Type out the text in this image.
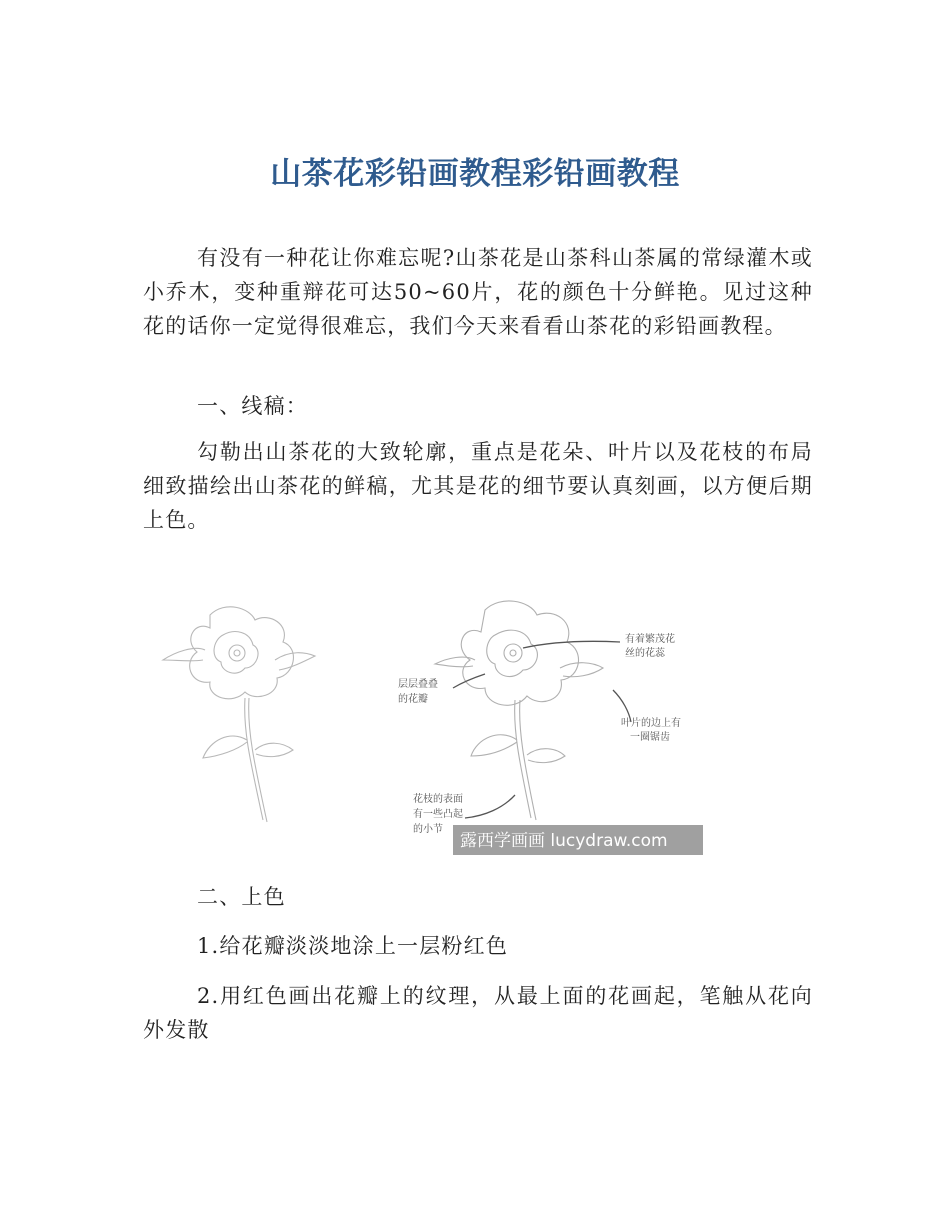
山茶花彩铅画教程彩铅画教程

有没有一种花让你难忘呢?山茶花是山茶科山茶属的常绿灌木或小乔木，变种重辩花可达50~60片，花的颜色十分鲜艳。见过这种花的话你一定觉得很难忘，我们今天来看看山茶花的彩铅画教程。

一、线稿：

勾勒出山茶花的大致轮廓，重点是花朵、叶片以及花枝的布局细致描绘出山茶花的鲜稿，尤其是花的细节要认真刻画，以方便后期上色。

有着繁茂花
丝的花蕊
层层叠叠
的花瓣
叶片的边上有
一圈锯齿
花枝的表面
有一些凸起
的小节
露西学画画 lucydraw.com

二、上色

1.给花瓣淡淡地涂上一层粉红色

2.用红色画出花瓣上的纹理，从最上面的花画起，笔触从花向外发散
